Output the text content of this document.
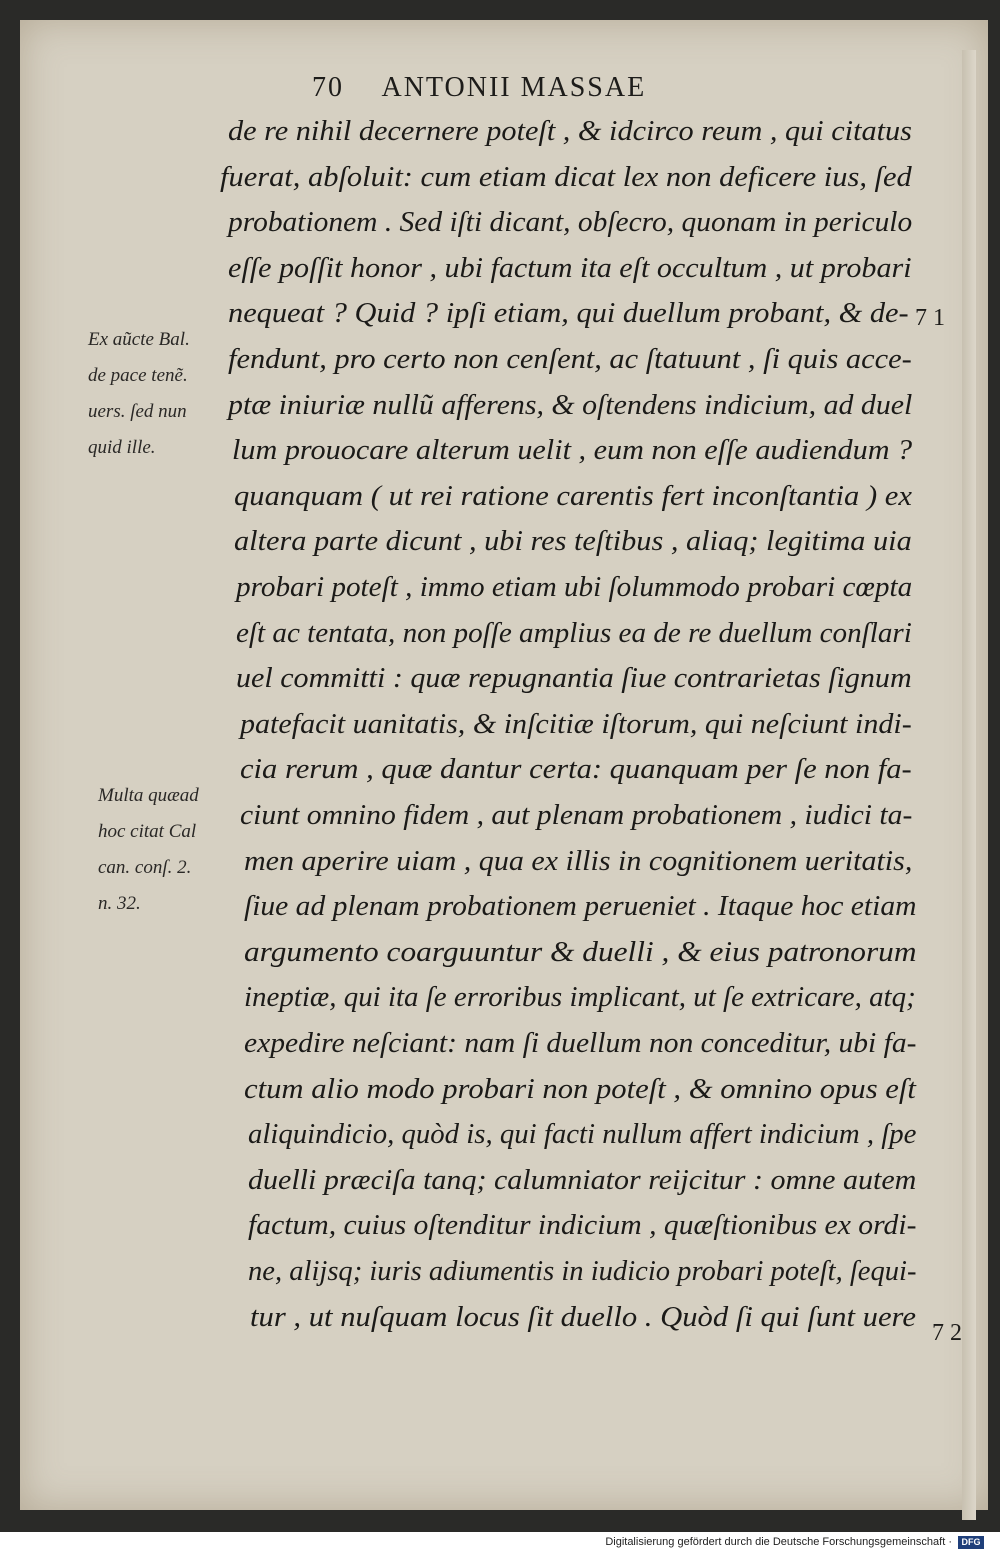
70 ANTONII MASSAE
de re nihil decernere poteſt , & idcirco reum , qui citatus
fuerat, abſoluit: cum etiam dicat lex non deficere ius, ſed
probationem . Sed iſti dicant, obſecro, quonam in periculo
eſſe poſſit honor , ubi factum ita eſt occultum , ut probari
nequeat ? Quid ? ipſi etiam, qui duellum probant, & de-
fendunt, pro certo non cenſent, ac ſtatuunt , ſi quis acce-
ptæ iniuriæ nullũ afferens, & oſtendens indicium, ad duel
lum prouocare alterum uelit , eum non eſſe audiendum ?
quanquam ( ut rei ratione carentis fert inconſtantia ) ex
altera parte dicunt , ubi res teſtibus , aliaq; legitima uia
probari poteſt , immo etiam ubi ſolummodo probari cœpta
eſt ac tentata, non poſſe amplius ea de re duellum conſlari
uel committi : quæ repugnantia ſiue contrarietas ſignum
patefacit uanitatis, & inſcitiæ iſtorum, qui neſciunt indi-
cia rerum , quæ dantur certa: quanquam per ſe non fa-
ciunt omnino fidem , aut plenam probationem , iudici ta-
men aperire uiam , qua ex illis in cognitionem ueritatis,
ſiue ad plenam probationem perueniet . Itaque hoc etiam
argumento coarguuntur & duelli , & eius patronorum
ineptiæ, qui ita ſe erroribus implicant, ut ſe extricare, atq;
expedire neſciant: nam ſi duellum non conceditur, ubi fa-
ctum alio modo probari non poteſt , & omnino opus eſt
aliquindicio, quòd is, qui facti nullum affert indicium , ſpe
duelli præciſa tanq; calumniator reijcitur : omne autem
factum, cuius oſtenditur indicium , quæſtionibus ex ordi-
ne, alijsq; iuris adiumentis in iudicio probari poteſt, ſequi-
tur , ut nuſquam locus ſit duello . Quòd ſi qui ſunt uere
Ex aũcte Bal.
de pace tenẽ.
uers. ſed nun
quid ille.
Multa quæad
hoc citat Cal
can. conſ. 2.
n. 32.
7 1
7 2
Digitalisierung gefördert durch die Deutsche Forschungsgemeinschaft ·	DFG
